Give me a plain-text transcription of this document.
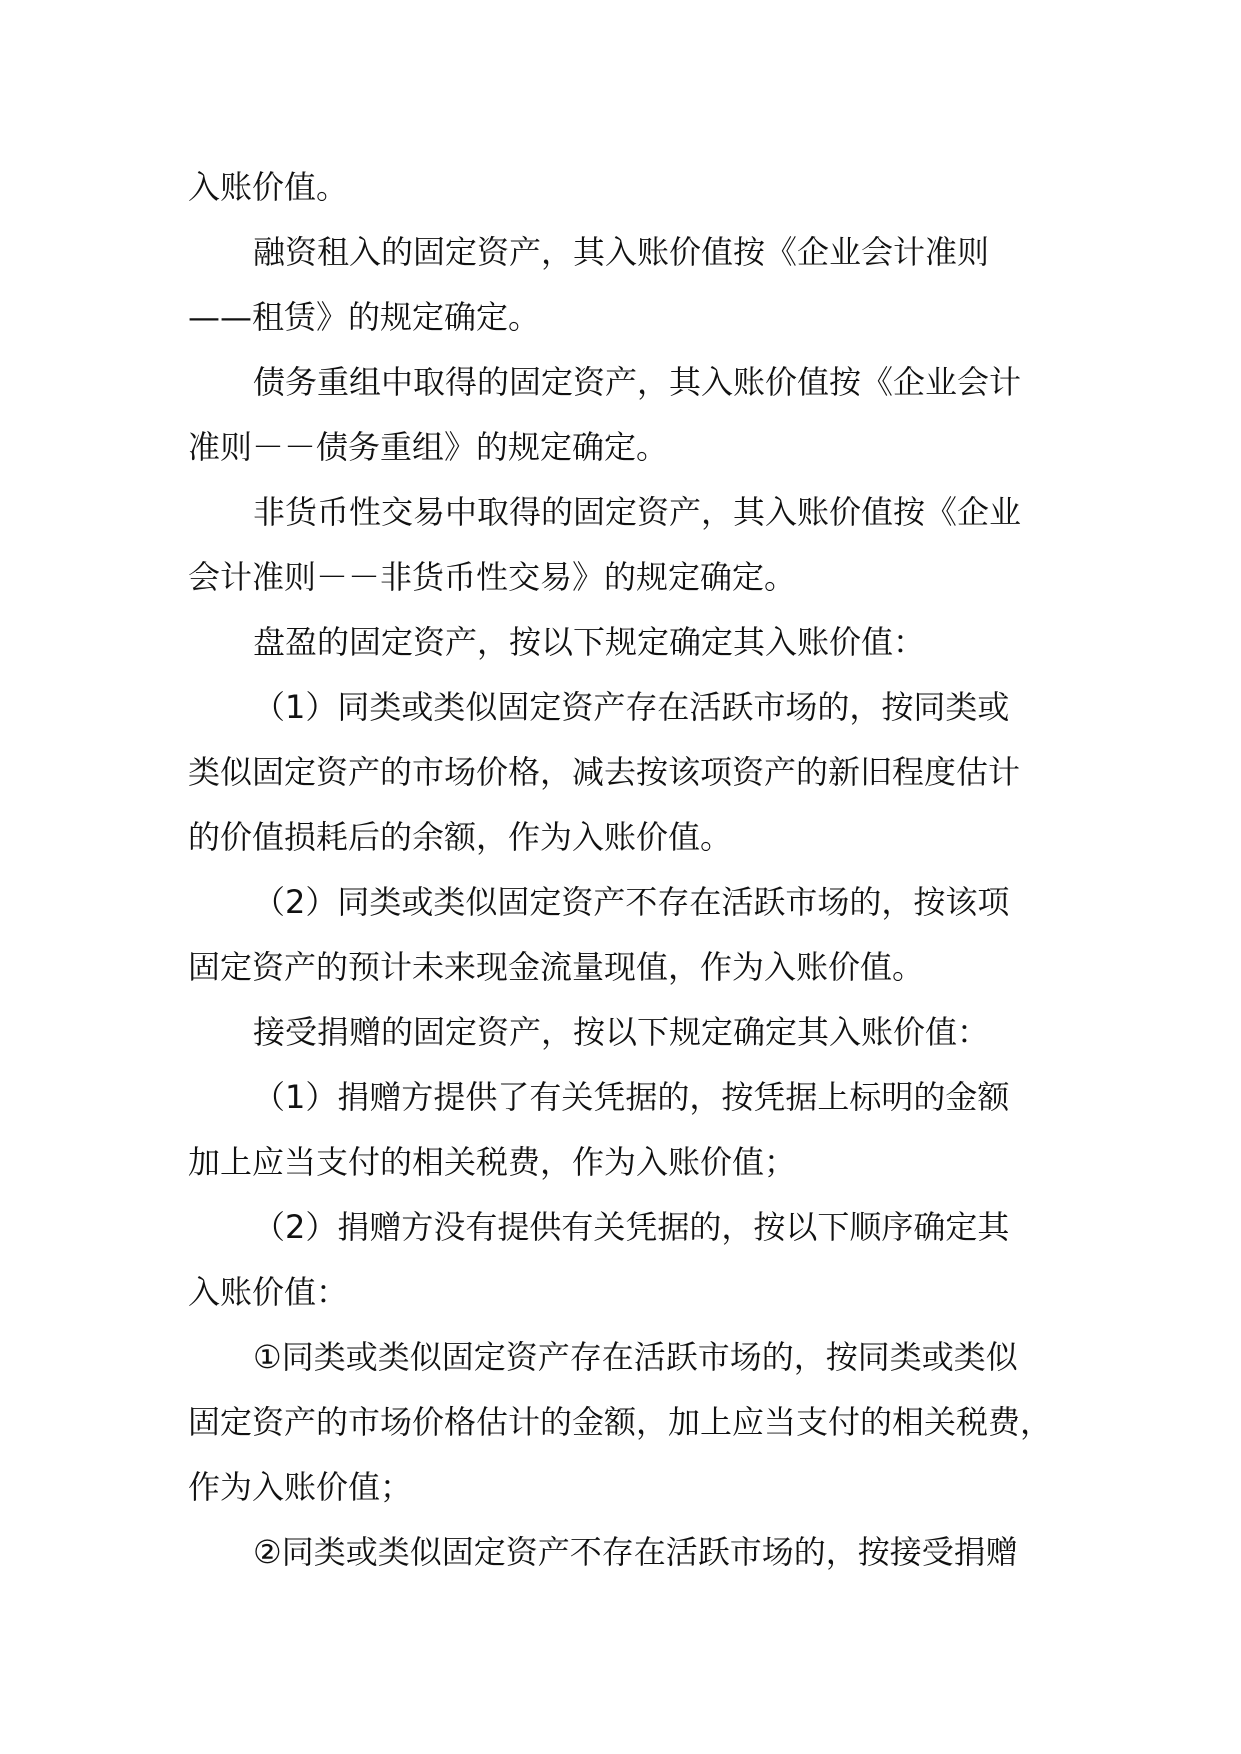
入账价值。
融资租入的固定资产，其入账价值按《企业会计准则
——租赁》的规定确定。
债务重组中取得的固定资产，其入账价值按《企业会计
准则－－债务重组》的规定确定。
非货币性交易中取得的固定资产，其入账价值按《企业
会计准则－－非货币性交易》的规定确定。
盘盈的固定资产，按以下规定确定其入账价值：
（1）同类或类似固定资产存在活跃市场的，按同类或
类似固定资产的市场价格，减去按该项资产的新旧程度估计
的价值损耗后的余额，作为入账价值。
（2）同类或类似固定资产不存在活跃市场的，按该项
固定资产的预计未来现金流量现值，作为入账价值。
接受捐赠的固定资产，按以下规定确定其入账价值：
（1）捐赠方提供了有关凭据的，按凭据上标明的金额
加上应当支付的相关税费，作为入账价值；
（2）捐赠方没有提供有关凭据的，按以下顺序确定其
入账价值：
①同类或类似固定资产存在活跃市场的，按同类或类似
固定资产的市场价格估计的金额，加上应当支付的相关税费，
作为入账价值；
②同类或类似固定资产不存在活跃市场的，按接受捐赠
